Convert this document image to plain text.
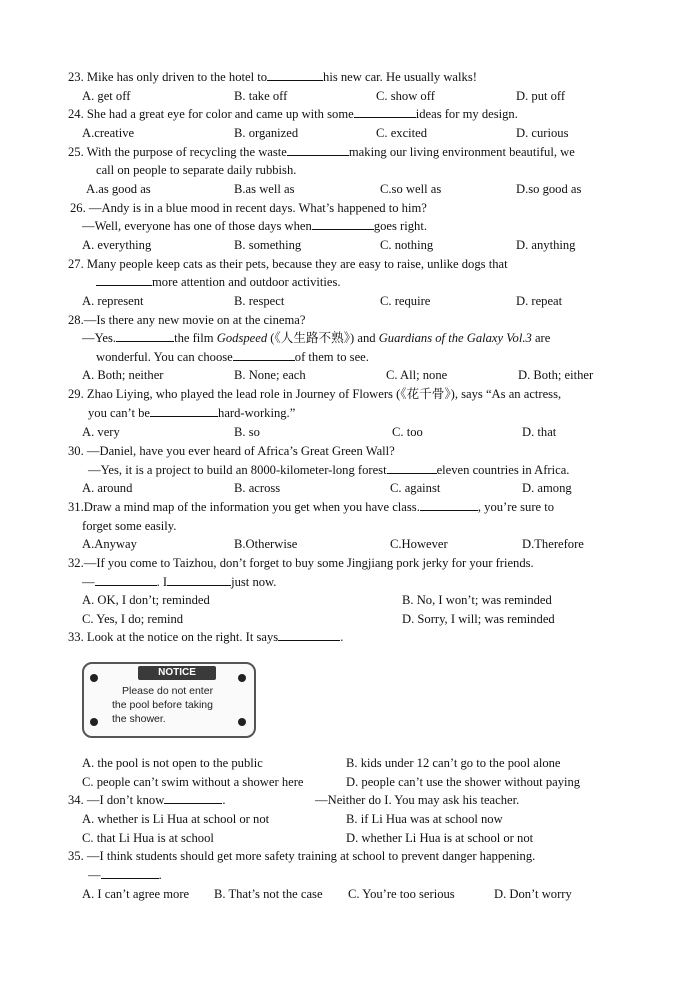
23. Mike has only driven to the hotel to	his new car. He usually walks!
A. get off	B. take off	C. show off	D. put off
24. She had a great eye for color and came up with some	ideas for my design.
A.creative	B. organized	C. excited	D. curious
25. With the purpose of recycling the waste	making our living environment beautiful, we
call on people to separate daily rubbish.
A.as good as	B.as well as	C.so well as	D.so good as
26. —Andy is in a blue mood in recent days. What’s happened to him?
—Well, everyone has one of those days when	goes right.
A. everything	B. something	C. nothing	D. anything
27. Many people keep cats as their pets, because they are easy to raise, unlike dogs that
more attention and outdoor activities.
A. represent	B. respect	C. require	D. repeat
28.—Is there any new movie on at the cinema?
—Yes.	the film Godspeed (《人生路不熟》) and Guardians of the Galaxy Vol.3 are
wonderful. You can choose	of them to see.
A. Both; neither	B. None; each	C. All; none	D. Both; either
29. Zhao Liying, who played the lead role in Journey of Flowers (《花千骨》), says “As an actress,
you can’t be	hard-working.”
A. very	B. so	C. too	D. that
30. —Daniel, have you ever heard of Africa’s Great Green Wall?
—Yes, it is a project to build an 8000-kilometer-long forest	eleven countries in Africa.
A. around	B. across	C. against	D. among
31.Draw a mind map of the information you get when you have class.	, you’re sure to
forget some easily.
A.Anyway	B.Otherwise	C.However	D.Therefore
32.—If you come to Taizhou, don’t forget to buy some Jingjiang pork jerky for your friends.
—	. I	just now.
A. OK, I don’t; reminded	B. No, I won’t; was reminded
C. Yes, I do; remind	D. Sorry, I will; was reminded
33. Look at the notice on the right. It says	.
NOTICE
Please do not enter
the pool before taking
the shower.
A. the pool is not open to the public	B. kids under 12 can’t go to the pool alone
C. people can’t swim without a shower here	D. people can’t use the shower without paying
34. —I don’t know	.	—Neither do I. You may ask his teacher.
A. whether is Li Hua at school or not	B. if Li Hua was at school now
C. that Li Hua is at school	D. whether Li Hua is at school or not
35. —I think students should get more safety training at school to prevent danger happening.
—	.
A. I can’t agree more B. That’s not the case C. You’re too serious	D. Don’t worry
